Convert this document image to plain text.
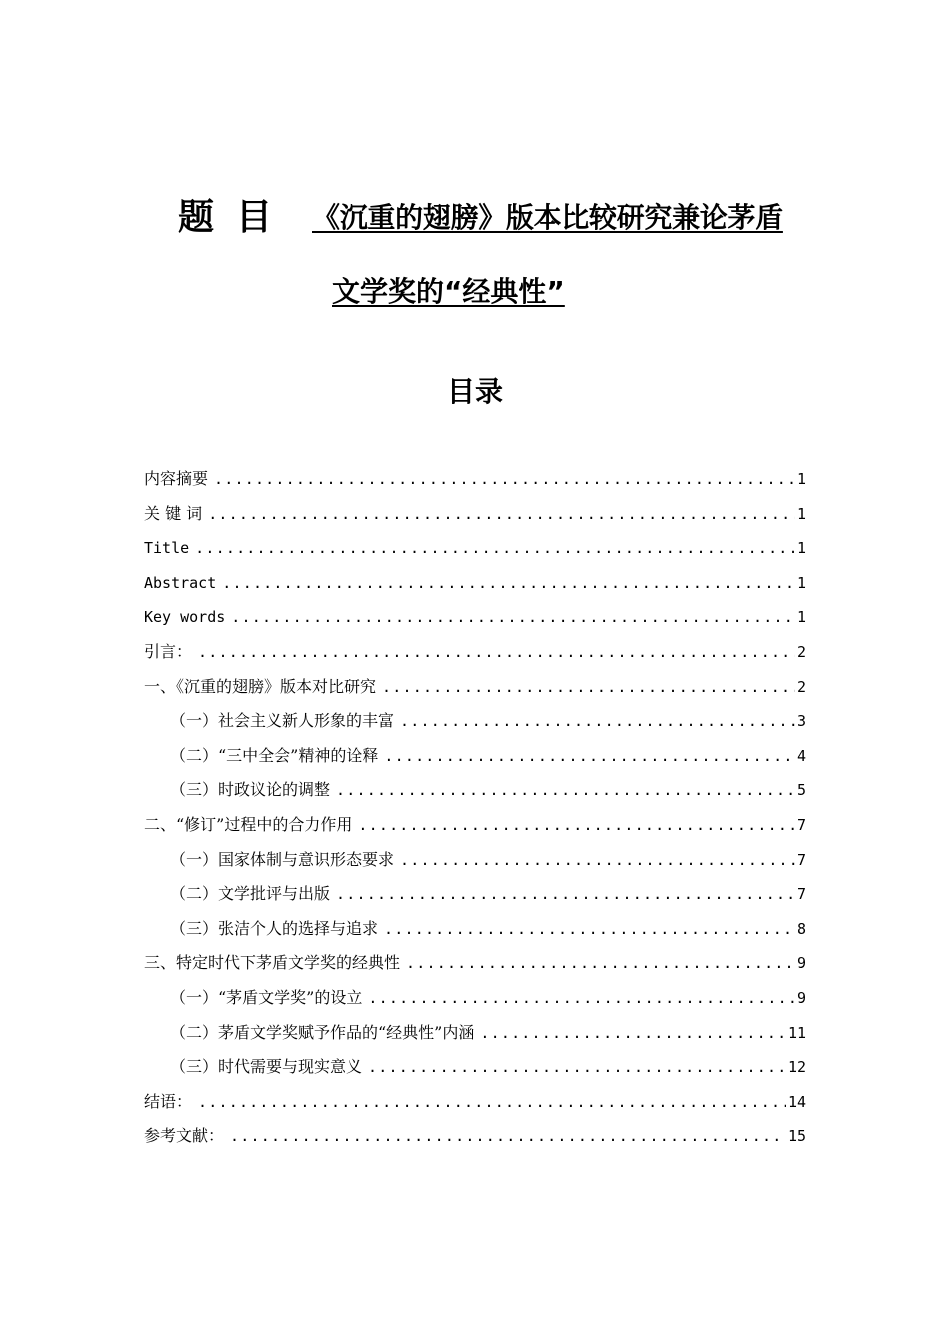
题目 《沉重的翅膀》版本比较研究兼论茅盾
文学奖的“经典性”
目录
内容摘要 .....	1
关 键 词 .....	1
Title .....	1
Abstract .....	1
Key words .....	1
引言： .....	2
一、《沉重的翅膀》版本对比研究 .....	2
（一）社会主义新人形象的丰富 .....	3
（二）“三中全会”精神的诠释 .....	4
（三）时政议论的调整 .....	5
二、“修订”过程中的合力作用 .....	7
（一）国家体制与意识形态要求 .....	7
（二）文学批评与出版 .....	7
（三）张洁个人的选择与追求 .....	8
三、特定时代下茅盾文学奖的经典性 .....	9
（一）“茅盾文学奖”的设立 .....	9
（二）茅盾文学奖赋予作品的“经典性”内涵 .....	11
（三）时代需要与现实意义 .....	12
结语： .....	14
参考文献： .....	15
